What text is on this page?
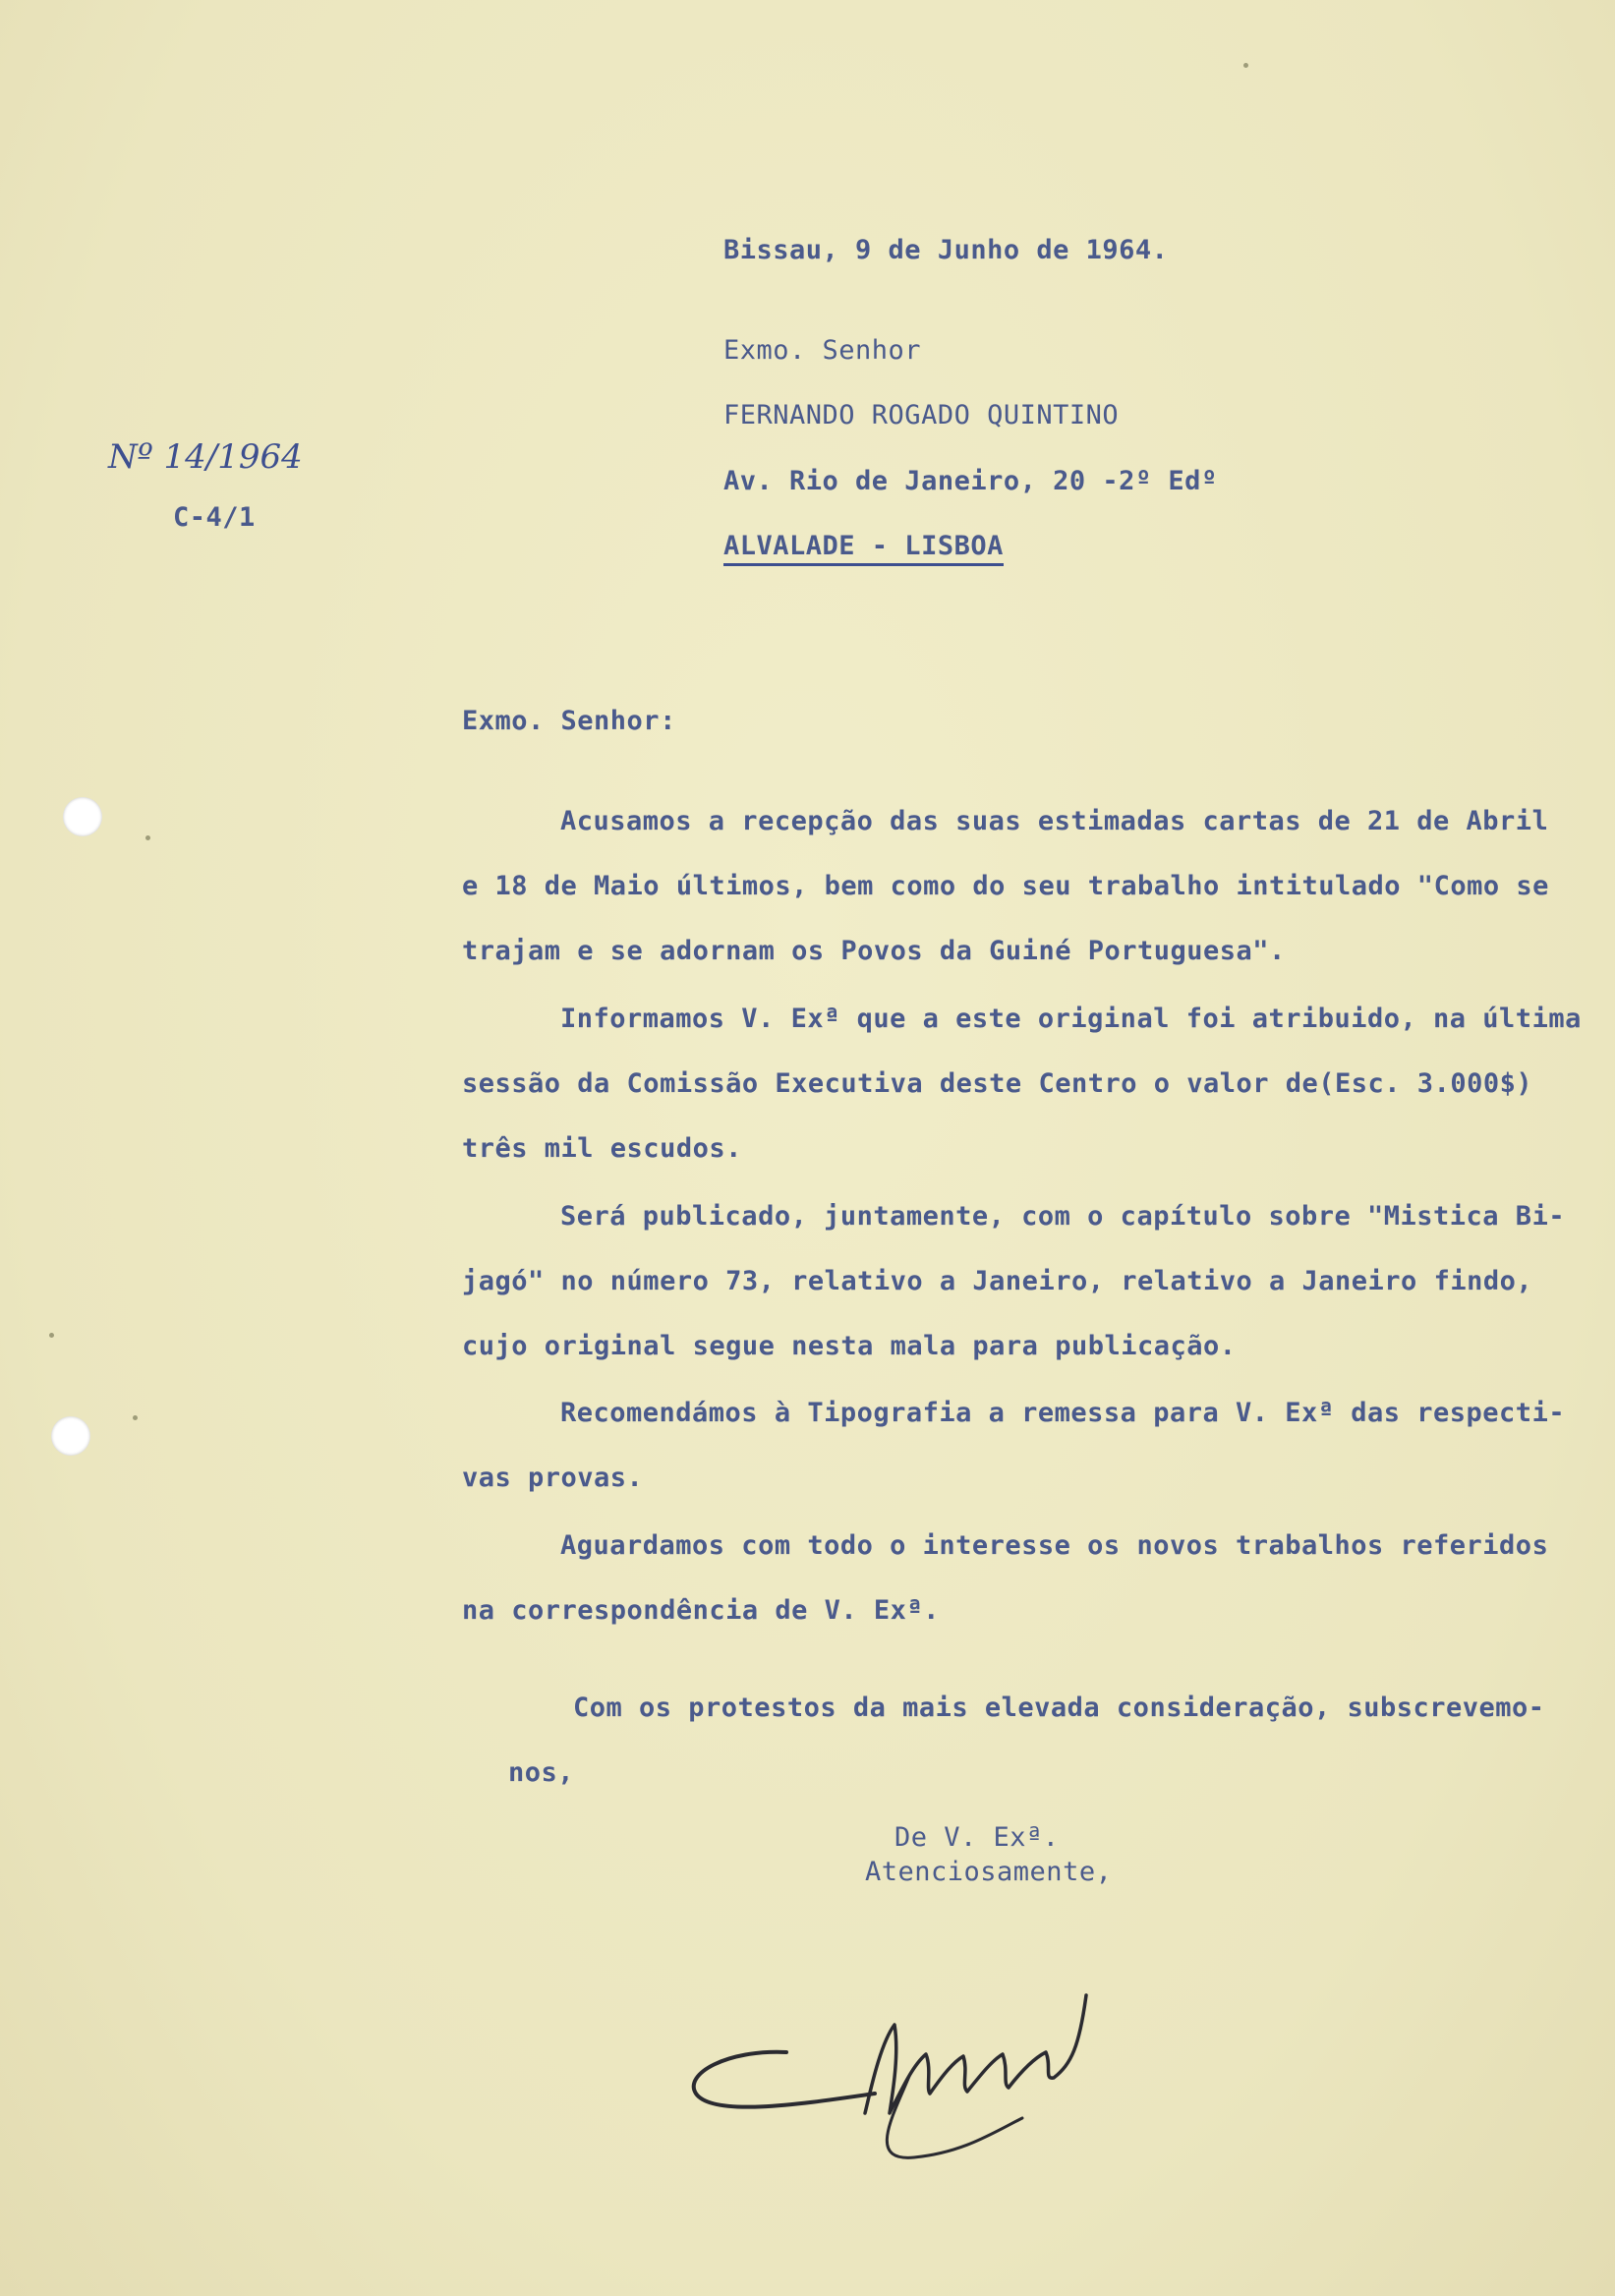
Bissau, 9 de Junho de 1964.
Exmo. Senhor
FERNANDO ROGADO QUINTINO
Av. Rio de Janeiro, 20 -2º Edº
ALVALADE - LISBOA
Nº 14/1964
C-4/1
Exmo. Senhor:
Acusamos a recepção das suas estimadas cartas de 21 de Abril
e 18 de Maio últimos, bem como do seu trabalho intitulado "Como se
trajam e se adornam os Povos da Guiné Portuguesa".
Informamos V. Exª que a este original foi atribuido, na última
sessão da Comissão Executiva deste Centro o valor de(Esc. 3.000$)
três mil escudos.
Será publicado, juntamente, com o capítulo sobre "Mistica Bi-
jagó" no número 73, relativo a Janeiro, relativo a Janeiro findo,
cujo original segue nesta mala para publicação.
Recomendámos à Tipografia a remessa para V. Exª das respecti-
vas provas.
Aguardamos com todo o interesse os novos trabalhos referidos
na correspondência de V. Exª.
Com os protestos da mais elevada consideração, subscrevemo-
nos,
De V. Exª.
Atenciosamente,
